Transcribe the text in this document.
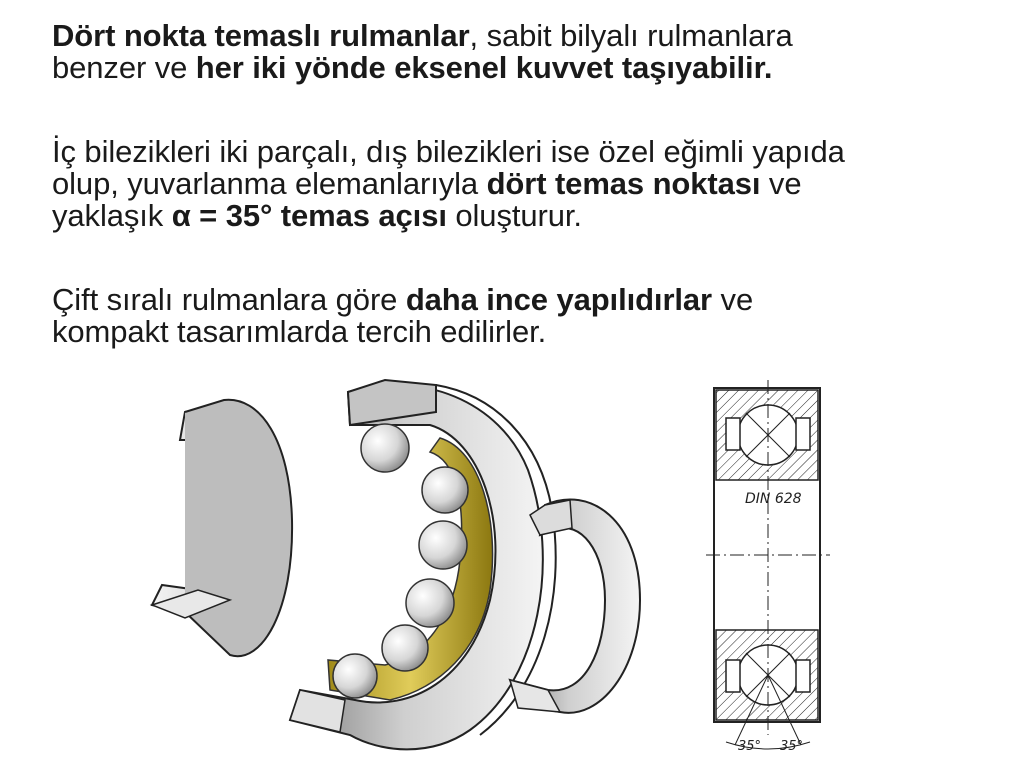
Dört nokta temaslı rulmanlar, sabit bilyalı rulmanlara
benzer ve her iki yönde eksenel kuvvet taşıyabilir.

İç bilezikleri iki parçalı, dış bilezikleri ise özel eğimli yapıda
olup, yuvarlanma elemanlarıyla dört temas noktası ve
yaklaşık α = 35° temas açısı oluşturur.

Çift sıralı rulmanlara göre daha ince yapılıdırlar ve
kompakt tasarımlarda tercih edilirler.

35° 35°
DIN 628
